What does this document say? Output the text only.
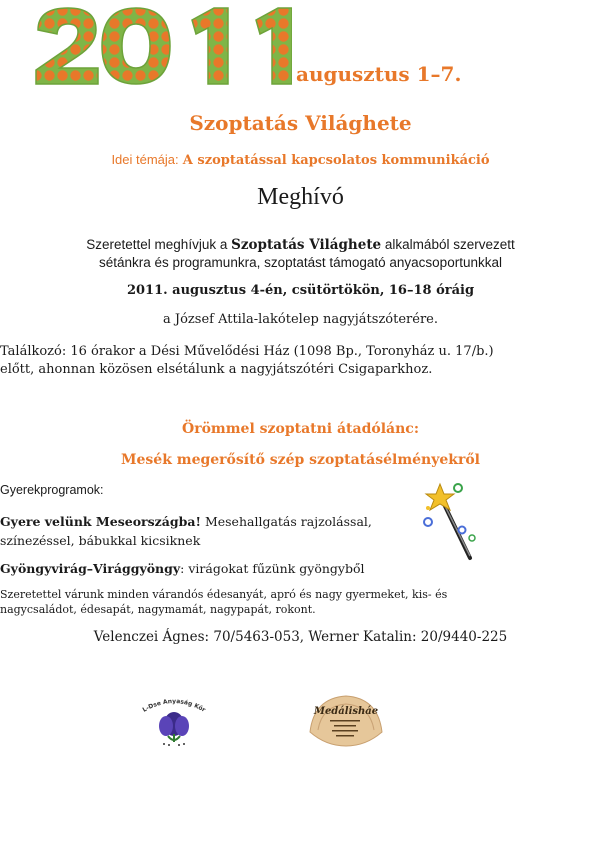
augusztus 1–7.
Szoptatás Világhete
Idei témája: A szoptatással kapcsolatos kommunikáció
Meghívó
Szeretettel meghívjuk a Szoptatás Világhete alkalmából szervezett
sétánkra és programunkra, szoptatást támogató anyacsoportunkkal
2011. augusztus 4-én, csütörtökön, 16–18 óráig
a József Attila-lakótelep nagyjátszóterére.
Találkozó: 16 órakor a Dési Művelődési Ház (1098 Bp., Toronyház u. 17/b.)
előtt, ahonnan közösen elsétálunk a nagyjátszótéri Csigaparkhoz.
Örömmel szoptatni átadólánc:
Mesék megerősítő szép szoptatásélményekről
Gyerekprogramok:
Gyere velünk Meseországba! Mesehallgatás rajzolással,
színezéssel, bábukkal kicsiknek
Gyöngyvirág–Virággyöngy: virágokat fűzünk gyöngyből
Szeretettel várunk minden várandós édesanyát, apró és nagy gyermeket, kis- és
nagycsaládot, édesapát, nagymamát, nagypapát, rokont.
Velenczei Ágnes: 70/5463-053, Werner Katalin: 20/9440-225
L-Dse Anyaság Kör	Medálisháe
